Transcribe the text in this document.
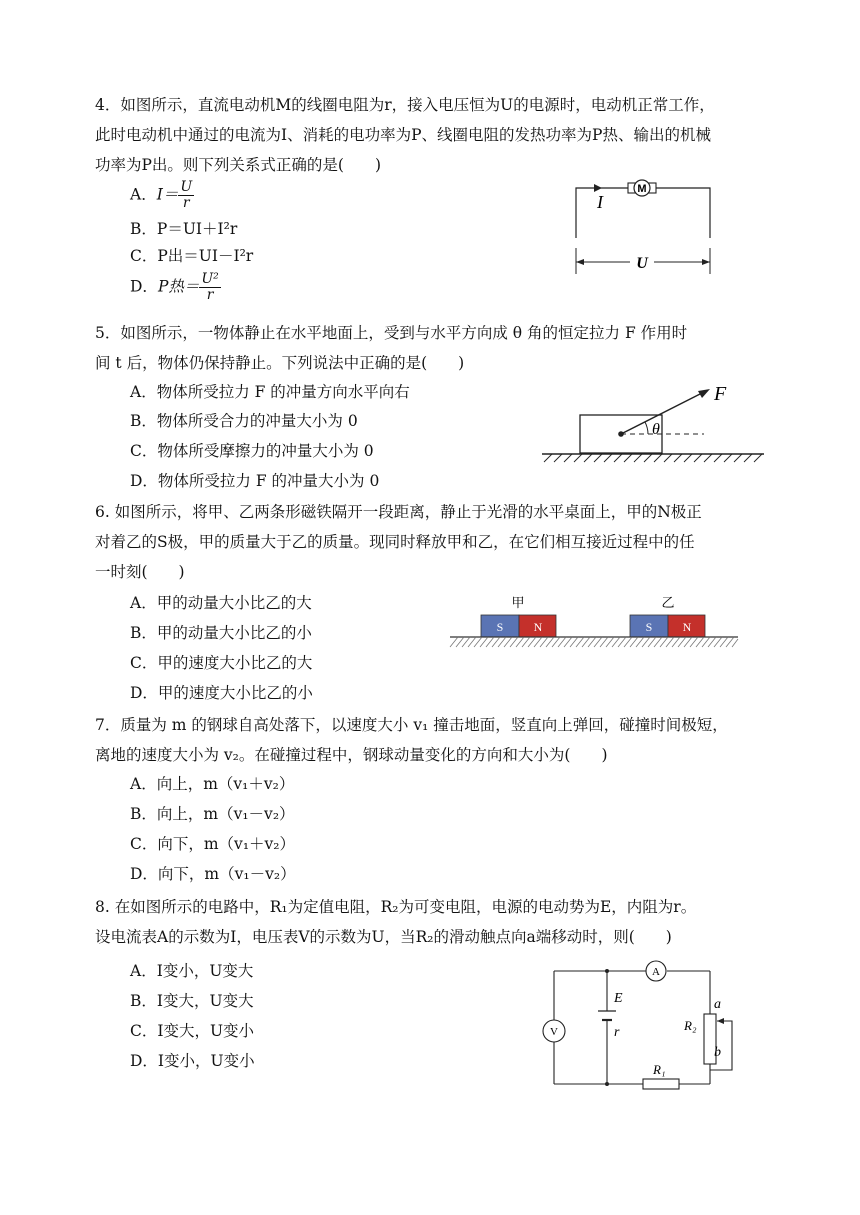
4．如图所示，直流电动机M的线圈电阻为r，接入电压恒为U的电源时，电动机正常工作，

此时电动机中通过的电流为I、消耗的电功率为P、线圈电阻的发热功率为P热、输出的机械

功率为P出。则下列关系式正确的是(　　)

A．$I= \frac{U}{r}$
B．P＝UI＋I²r
C．P出＝UI－I²r
D．P热＝ $\frac{\text{U²}}{r}$
M
I
U

5．如图所示，一物体静止在水平地面上，受到与水平方向成 θ 角的恒定拉力 F 作用时

间 t 后，物体仍保持静止。下列说法中正确的是(　　)

A．物体所受拉力 F 的冲量方向水平向右
B．物体所受合力的冲量大小为 0
C．物体所受摩擦力的冲量大小为 0
D．物体所受拉力 F 的冲量大小为 0
θ
F

6. 如图所示，将甲、乙两条形磁铁隔开一段距离，静止于光滑的水平桌面上，甲的N极正

对着乙的S极，甲的质量大于乙的质量。现同时释放甲和乙，在它们相互接近过程中的任

一时刻(　　)

A．甲的动量大小比乙的大
B．甲的动量大小比乙的小
C．甲的速度大小比乙的大
D．甲的速度大小比乙的小
甲	乙
S	N	S	N

7．质量为 m 的钢球自高处落下，以速度大小 v₁ 撞击地面，竖直向上弹回，碰撞时间极短，

离地的速度大小为 v₂。在碰撞过程中，钢球动量变化的方向和大小为(　　)

A．向上，m（v₁＋v₂）
B．向上，m（v₁－v₂）
C．向下，m（v₁＋v₂）
D．向下，m（v₁－v₂）

8. 在如图所示的电路中，R₁为定值电阻，R₂为可变电阻，电源的电动势为E，内阻为r。

设电流表A的示数为I，电压表V的示数为U，当R₂的滑动触点向a端移动时，则(　　)

A．I变小，U变大
B．I变大，U变大
C．I变大，U变小
D．I变小，U变小
E
r
A
V
a
b
R₂
R₁
